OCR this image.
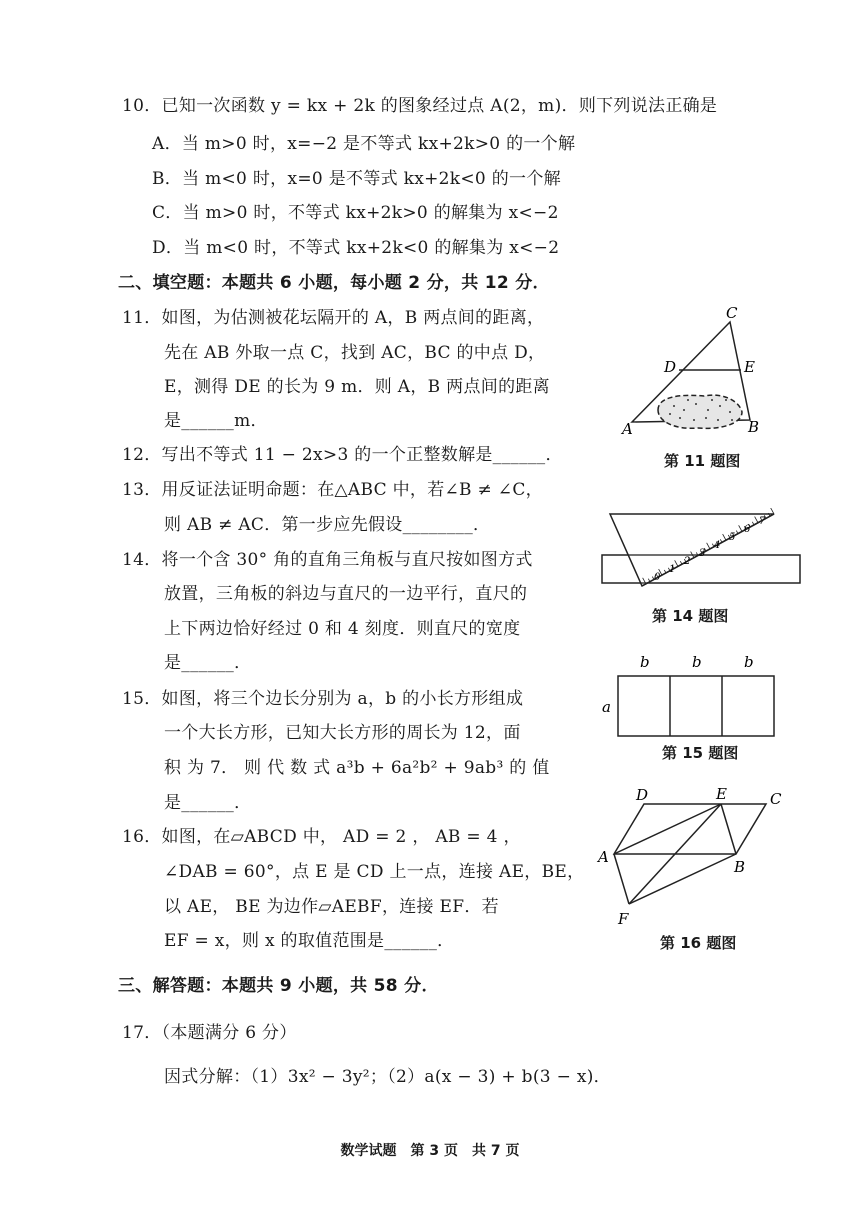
10．已知一次函数 y = kx + 2k 的图象经过点 A(2，m)．则下列说法正确是
A．当 m>0 时，x=−2 是不等式 kx+2k>0 的一个解
B．当 m<0 时，x=0 是不等式 kx+2k<0 的一个解
C．当 m>0 时，不等式 kx+2k>0 的解集为 x<−2
D．当 m<0 时，不等式 kx+2k<0 的解集为 x<−2
二、填空题：本题共 6 小题，每小题 2 分，共 12 分．
11．如图，为估测被花坛隔开的 A，B 两点间的距离，
先在 AB 外取一点 C，找到 AC，BC 的中点 D，
E，测得 DE 的长为 9 m．则 A，B 两点间的距离
是______m．
12．写出不等式 11 − 2x>3 的一个正整数解是______．
13．用反证法证明命题：在△ABC 中，若∠B ≠ ∠C，
则 AB ≠ AC．第一步应先假设________．
14．将一个含 30° 角的直角三角板与直尺按如图方式
放置，三角板的斜边与直尺的一边平行，直尺的
上下两边恰好经过 0 和 4 刻度．则直尺的宽度
是______．
15．如图，将三个边长分别为 a，b 的小长方形组成
一个大长方形，已知大长方形的周长为 12，面
积 为 7． 则 代 数 式 a³b + 6a²b² + 9ab³ 的 值
是______．
16．如图，在▱ABCD 中， AD = 2 ， AB = 4 ，
∠DAB = 60°，点 E 是 CD 上一点，连接 AE，BE，
以 AE， BE 为边作▱AEBF，连接 EF．若
EF = x，则 x 的取值范围是______．
三、解答题：本题共 9 小题，共 58 分．
17．（本题满分 6 分）
因式分解：（1）3x² − 3y²；（2）a(x − 3) + b(3 − x)．
C
D	E
A	B
第 11 题图
0
1
2
3
4
5
6
7
第 14 题图
b	b	b
a
第 15 题图
D	E	C
A
B
F
第 16 题图
数学试题　第 3 页　共 7 页
